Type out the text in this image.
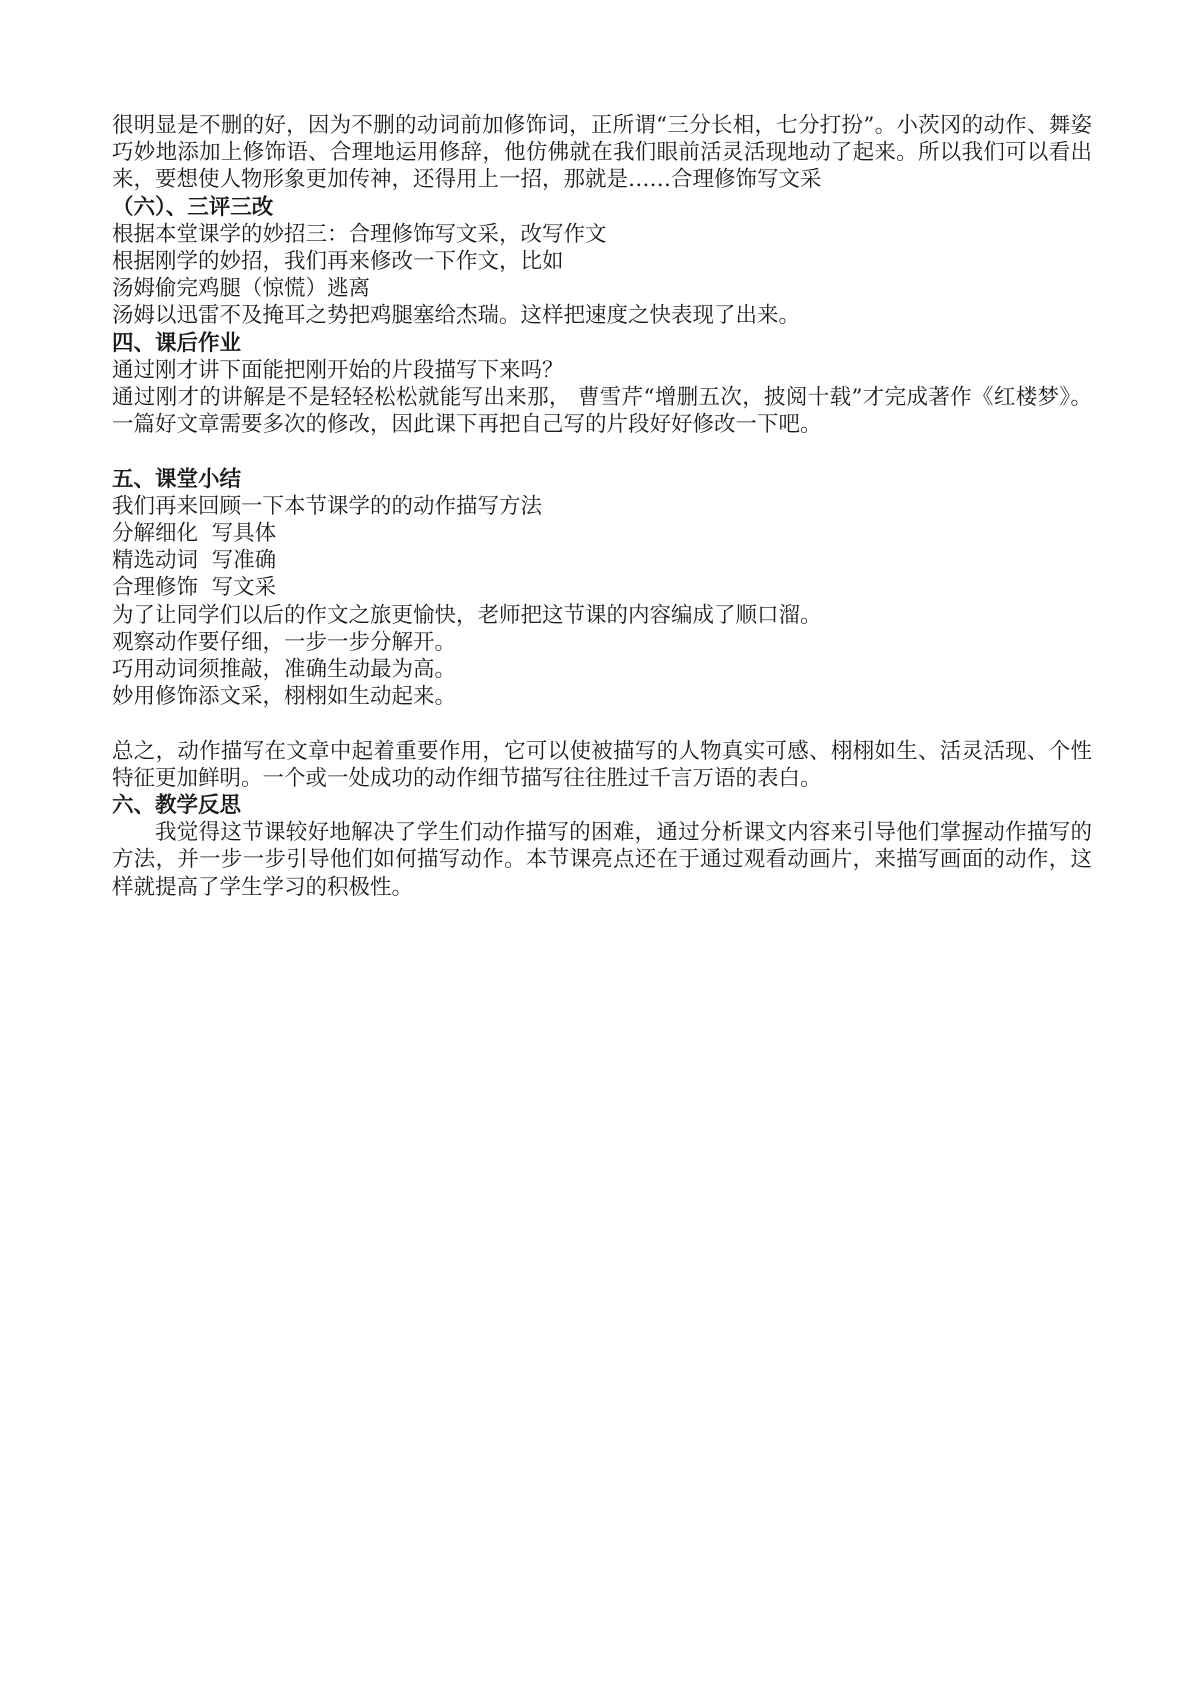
很明显是不删的好，因为不删的动词前加修饰词，正所谓“三分长相，七分打扮”。小茨冈的动作、舞姿巧妙地添加上修饰语、合理地运用修辞，他仿佛就在我们眼前活灵活现地动了起来。所以我们可以看出来，要想使人物形象更加传神，还得用上一招，那就是……合理修饰写文采
（六）、三评三改
根据本堂课学的妙招三：合理修饰写文采，改写作文
根据刚学的妙招，我们再来修改一下作文，比如
汤姆偷完鸡腿（惊慌）逃离
汤姆以迅雷不及掩耳之势把鸡腿塞给杰瑞。这样把速度之快表现了出来。
四、课后作业
通过刚才讲下面能把刚开始的片段描写下来吗？
通过刚才的讲解是不是轻轻松松就能写出来那， 曹雪芹“增删五次，披阅十载”才完成著作《红楼梦》。一篇好文章需要多次的修改，因此课下再把自己写的片段好好修改一下吧。
五、课堂小结
我们再来回顾一下本节课学的的动作描写方法
分解细化  写具体
精选动词  写准确
合理修饰  写文采
为了让同学们以后的作文之旅更愉快，老师把这节课的内容编成了顺口溜。
观察动作要仔细，一步一步分解开。
巧用动词须推敲，准确生动最为高。
妙用修饰添文采，栩栩如生动起来。
总之，动作描写在文章中起着重要作用，它可以使被描写的人物真实可感、栩栩如生、活灵活现、个性特征更加鲜明。一个或一处成功的动作细节描写往往胜过千言万语的表白。
六、教学反思
我觉得这节课较好地解决了学生们动作描写的困难，通过分析课文内容来引导他们掌握动作描写的方法，并一步一步引导他们如何描写动作。本节课亮点还在于通过观看动画片，来描写画面的动作，这样就提高了学生学习的积极性。
